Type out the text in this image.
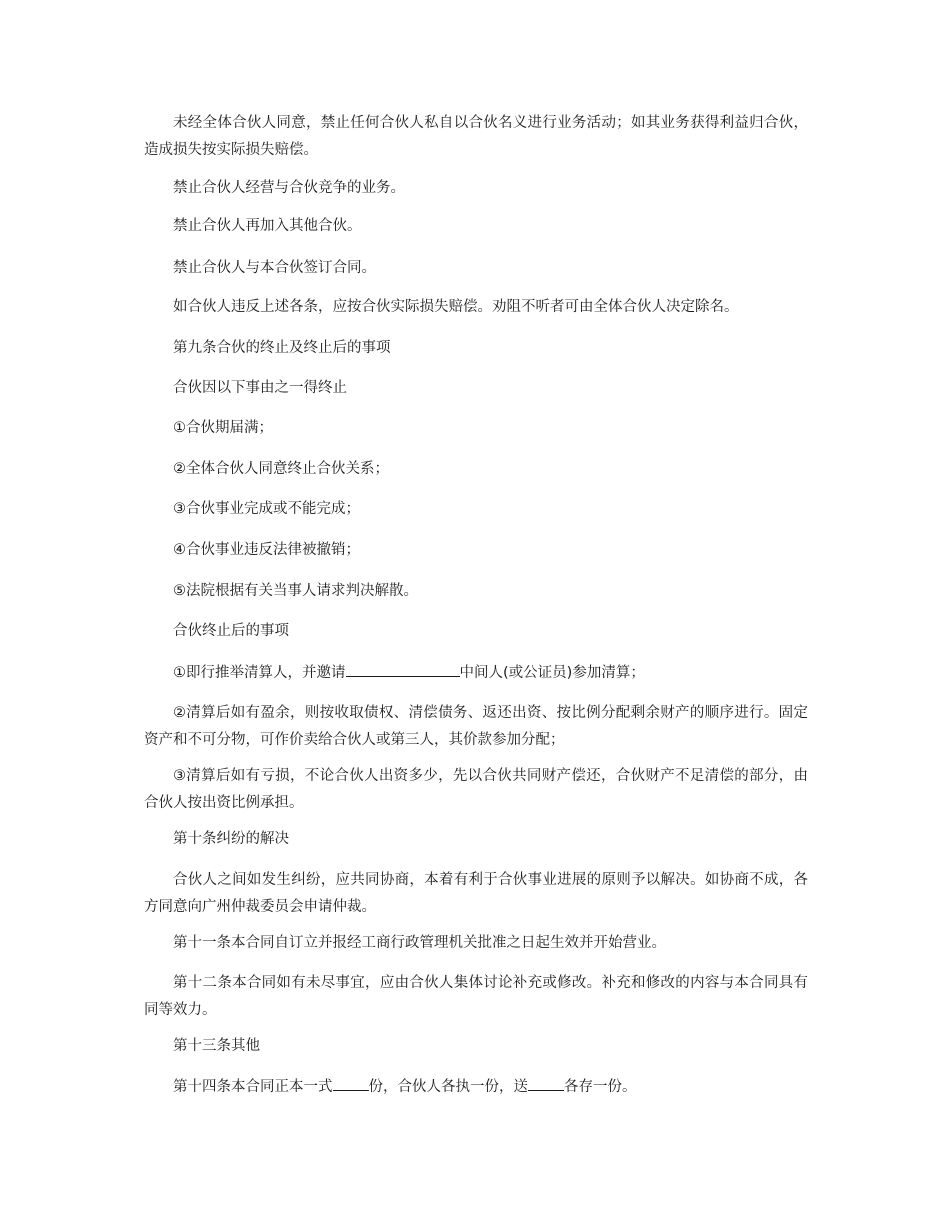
未经全体合伙人同意，禁止任何合伙人私自以合伙名义进行业务活动；如其业务获得利益归合伙，造成损失按实际损失赔偿。

禁止合伙人经营与合伙竞争的业务。

禁止合伙人再加入其他合伙。

禁止合伙人与本合伙签订合同。

如合伙人违反上述各条，应按合伙实际损失赔偿。劝阻不听者可由全体合伙人决定除名。

第九条合伙的终止及终止后的事项

合伙因以下事由之一得终止

①合伙期届满；

②全体合伙人同意终止合伙关系；

③合伙事业完成或不能完成；

④合伙事业违反法律被撤销；

⑤法院根据有关当事人请求判决解散。

合伙终止后的事项

①即行推举清算人，并邀请	中间人(或公证员)参加清算；

②清算后如有盈余，则按收取债权、清偿债务、返还出资、按比例分配剩余财产的顺序进行。固定资产和不可分物，可作价卖给合伙人或第三人，其价款参加分配；

③清算后如有亏损，不论合伙人出资多少，先以合伙共同财产偿还，合伙财产不足清偿的部分，由合伙人按出资比例承担。

第十条纠纷的解决

合伙人之间如发生纠纷，应共同协商，本着有利于合伙事业进展的原则予以解决。如协商不成，各方同意向广州仲裁委员会申请仲裁。

第十一条本合同自订立并报经工商行政管理机关批准之日起生效并开始营业。

第十二条本合同如有未尽事宜，应由合伙人集体讨论补充或修改。补充和修改的内容与本合同具有同等效力。

第十三条其他

第十四条本合同正本一式 份，合伙人各执一份，送 各存一份。
